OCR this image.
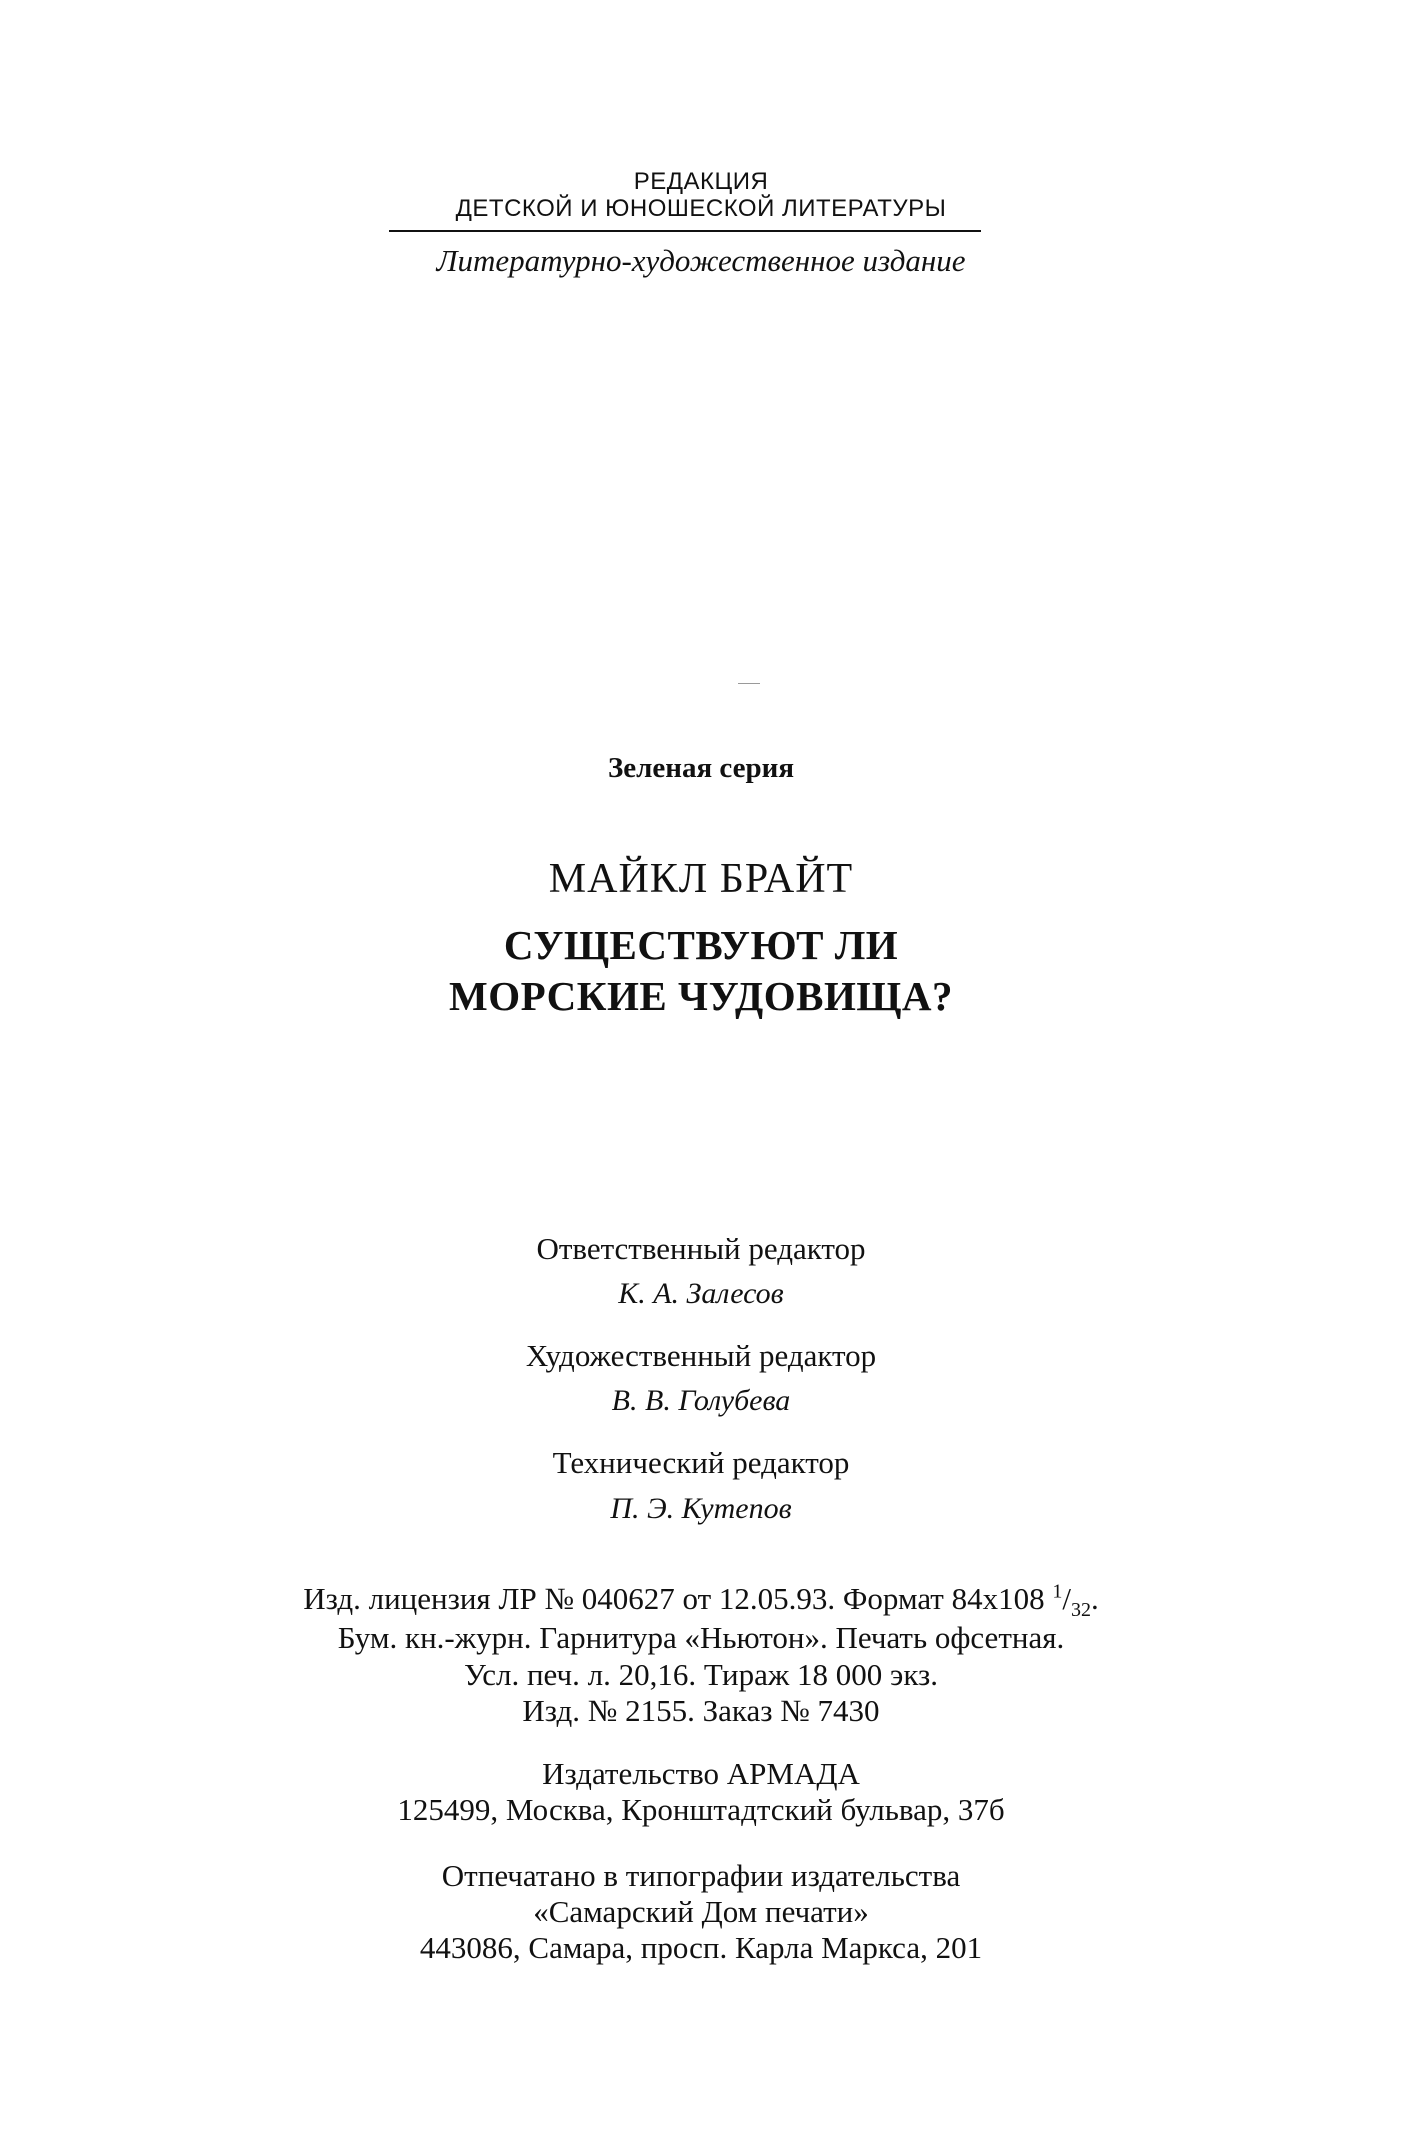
РЕДАКЦИЯ
ДЕТСКОЙ И ЮНОШЕСКОЙ ЛИТЕРАТУРЫ
Литературно-художественное издание
Зеленая серия
МАЙКЛ БРАЙТ
СУЩЕСТВУЮТ ЛИ
МОРСКИЕ ЧУДОВИЩА?
Ответственный редактор
К. А. Залесов
Художественный редактор
В. В. Голубева
Технический редактор
П. Э. Кутепов
Изд. лицензия ЛР № 040627 от 12.05.93. Формат 84x108 $^1/_{32}$.
Бум. кн.-журн. Гарнитура «Ньютон». Печать офсетная.
Усл. печ. л. 20,16. Тираж 18 000 экз.
Изд. № 2155. Заказ № 7430
Издательство АРМАДА
125499, Москва, Кронштадтский бульвар, 37б
Отпечатано в типографии издательства
«Самарский Дом печати»
443086, Самара, просп. Карла Маркса, 201
